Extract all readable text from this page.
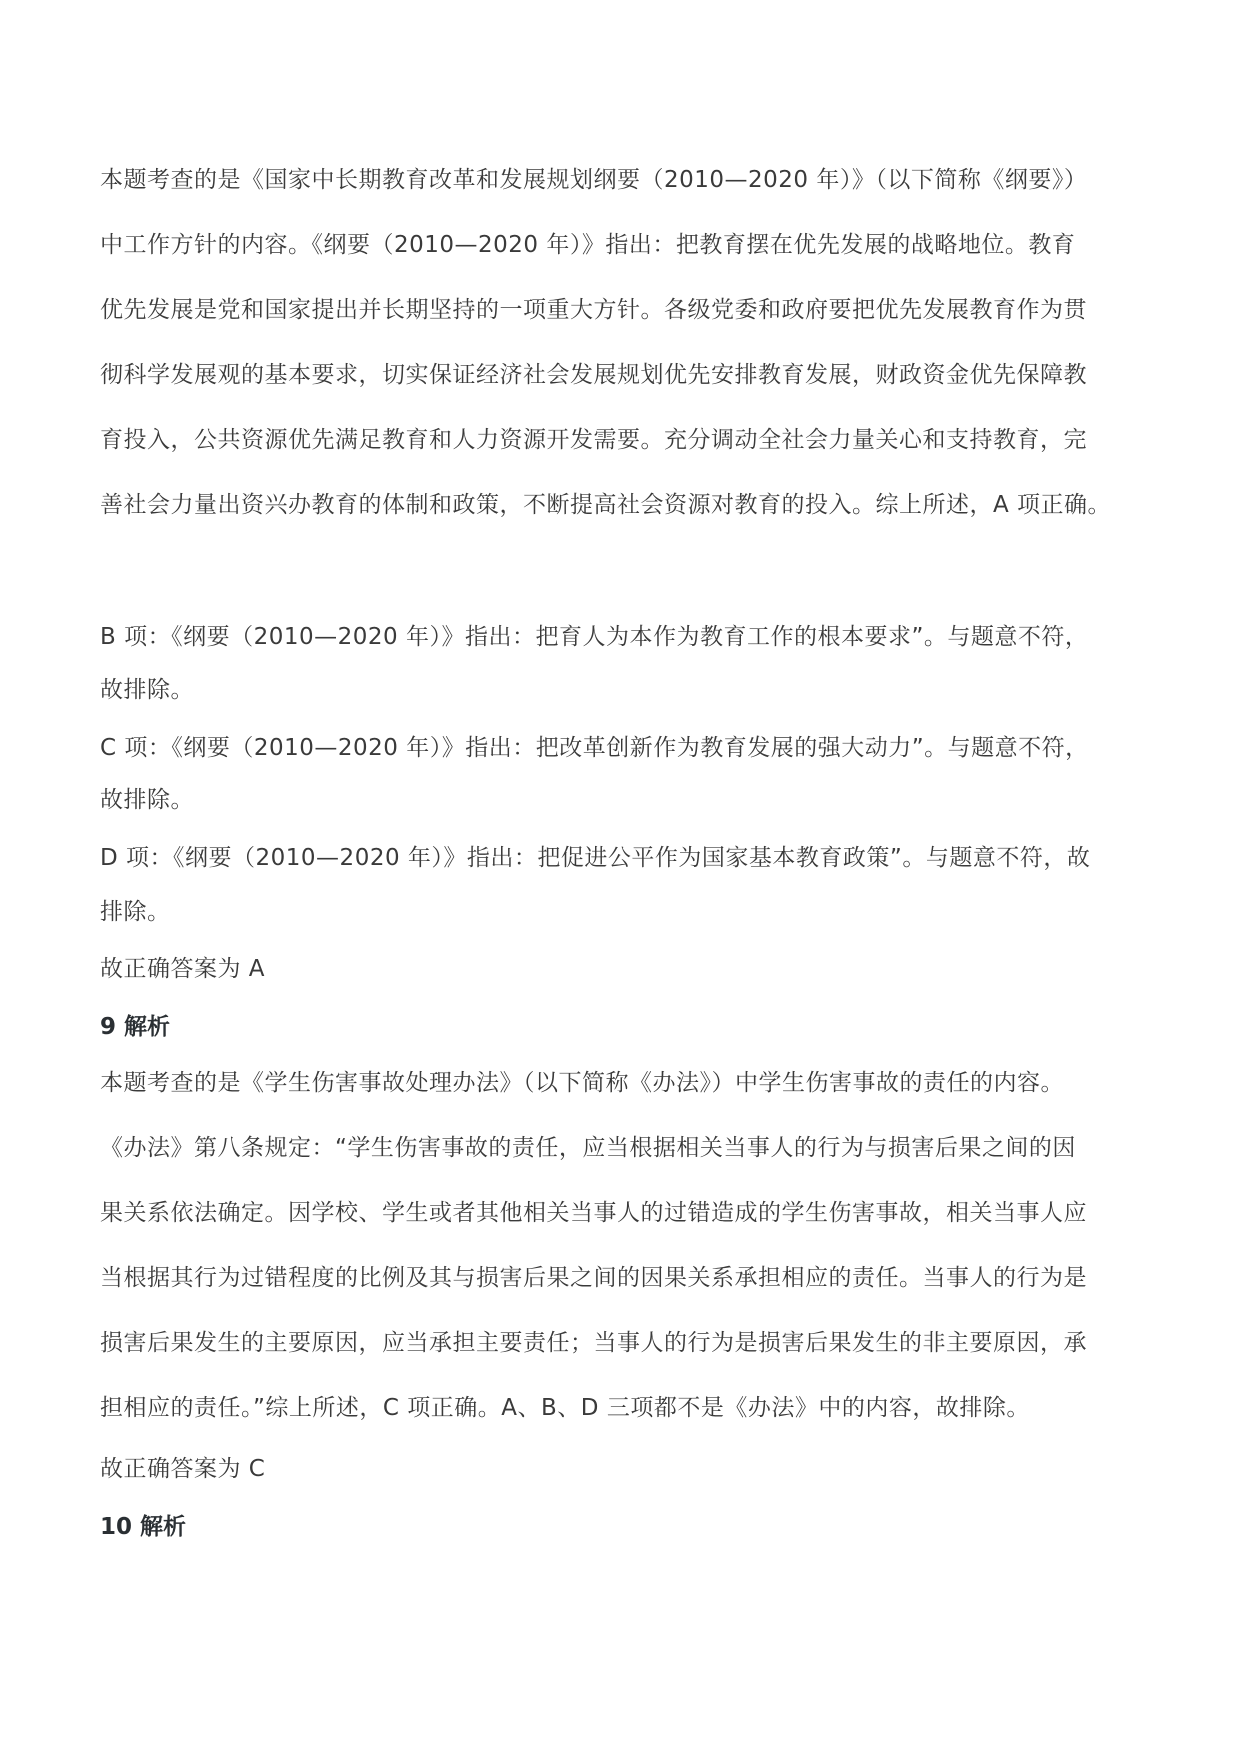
本题考查的是《国家中长期教育改革和发展规划纲要（2010—2020 年）》（以下简称《纲要》）
中工作方针的内容。《纲要（2010—2020 年）》指出：把教育摆在优先发展的战略地位。教育
优先发展是党和国家提出并长期坚持的一项重大方针。各级党委和政府要把优先发展教育作为贯
彻科学发展观的基本要求，切实保证经济社会发展规划优先安排教育发展，财政资金优先保障教
育投入，公共资源优先满足教育和人力资源开发需要。充分调动全社会力量关心和支持教育，完
善社会力量出资兴办教育的体制和政策，不断提高社会资源对教育的投入。综上所述，A 项正确。
B 项：《纲要（2010—2020 年）》指出：把育人为本作为教育工作的根本要求”。与题意不符，
故排除。
C 项：《纲要（2010—2020 年）》指出：把改革创新作为教育发展的强大动力”。与题意不符，
故排除。
D 项：《纲要（2010—2020 年）》指出：把促进公平作为国家基本教育政策”。与题意不符，故
排除。
故正确答案为 A
9 解析
本题考查的是《学生伤害事故处理办法》（以下简称《办法》）中学生伤害事故的责任的内容。
《办法》第八条规定：“学生伤害事故的责任，应当根据相关当事人的行为与损害后果之间的因
果关系依法确定。因学校、学生或者其他相关当事人的过错造成的学生伤害事故，相关当事人应
当根据其行为过错程度的比例及其与损害后果之间的因果关系承担相应的责任。当事人的行为是
损害后果发生的主要原因，应当承担主要责任；当事人的行为是损害后果发生的非主要原因，承
担相应的责任。”综上所述，C 项正确。A、B、D 三项都不是《办法》中的内容，故排除。
故正确答案为 C
10 解析
